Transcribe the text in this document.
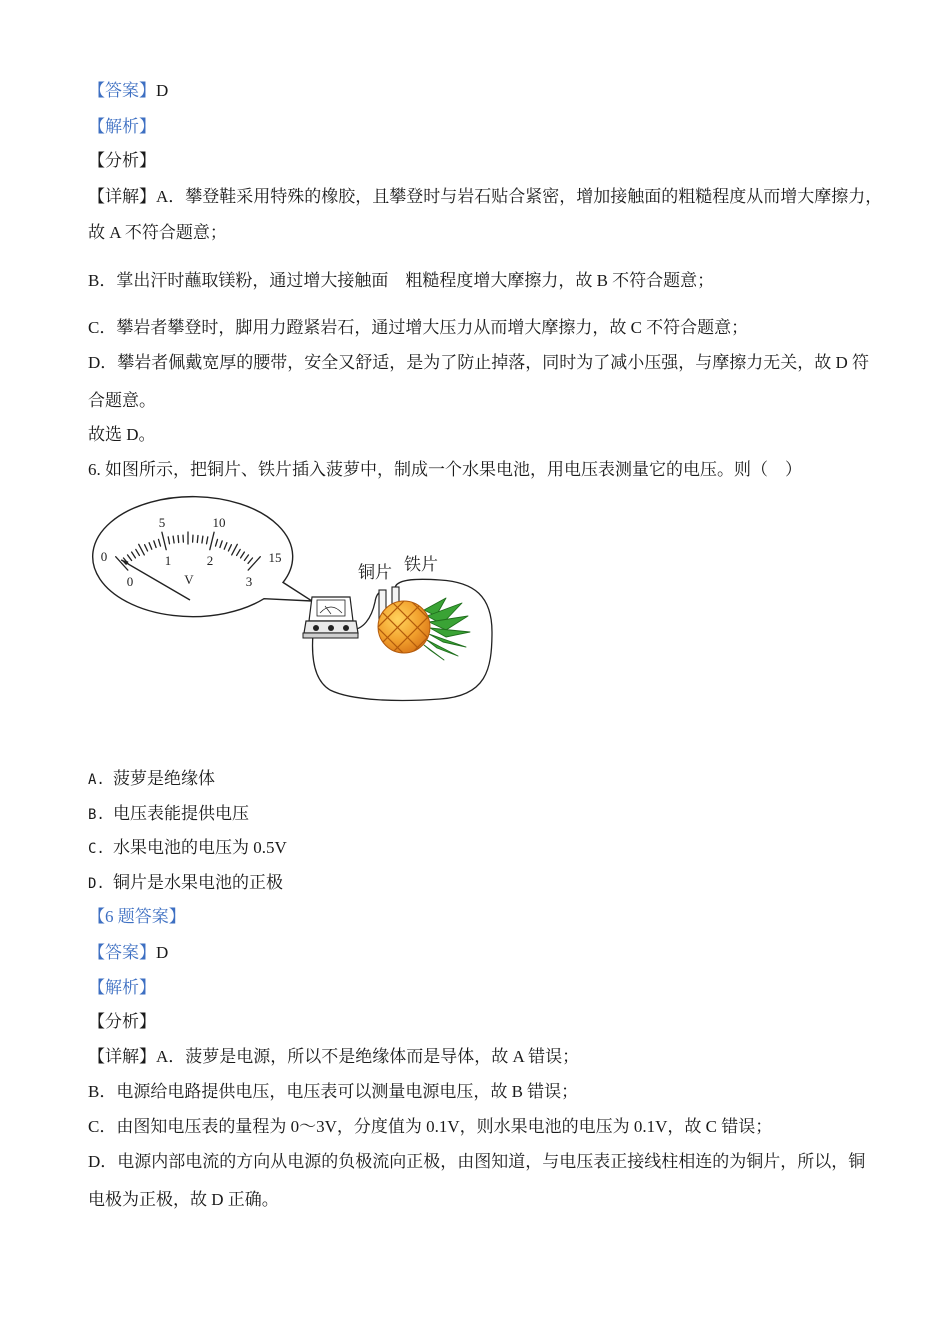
【答案】D
【解析】
【分析】
【详解】A．攀登鞋采用特殊的橡胶，且攀登时与岩石贴合紧密，增加接触面的粗糙程度从而增大摩擦力，
故 A 不符合题意；
B．掌出汗时蘸取镁粉，通过增大接触面　粗糙程度增大摩擦力，故 B 不符合题意；
C．攀岩者攀登时，脚用力蹬紧岩石，通过增大压力从而增大摩擦力，故 C 不符合题意；
D．攀岩者佩戴宽厚的腰带，安全又舒适，是为了防止掉落，同时为了减小压强，与摩擦力无关，故 D 符
合题意。
故选 D。
6. 如图所示，把铜片、铁片插入菠萝中，制成一个水果电池，用电压表测量它的电压。则（　）
0
5	10
15
0
1	2
3
V	铜片 铁片
A. 菠萝是绝缘体
B. 电压表能提供电压
C. 水果电池的电压为 0.5V
D. 铜片是水果电池的正极
【6 题答案】
【答案】D
【解析】
【分析】
【详解】A．菠萝是电源，所以不是绝缘体而是导体，故 A 错误；
B．电源给电路提供电压，电压表可以测量电源电压，故 B 错误；
C．由图知电压表的量程为 0～3V，分度值为 0.1V，则水果电池的电压为 0.1V，故 C 错误；
D．电源内部电流的方向从电源的负极流向正极，由图知道，与电压表正接线柱相连的为铜片，所以，铜
电极为正极，故 D 正确。
